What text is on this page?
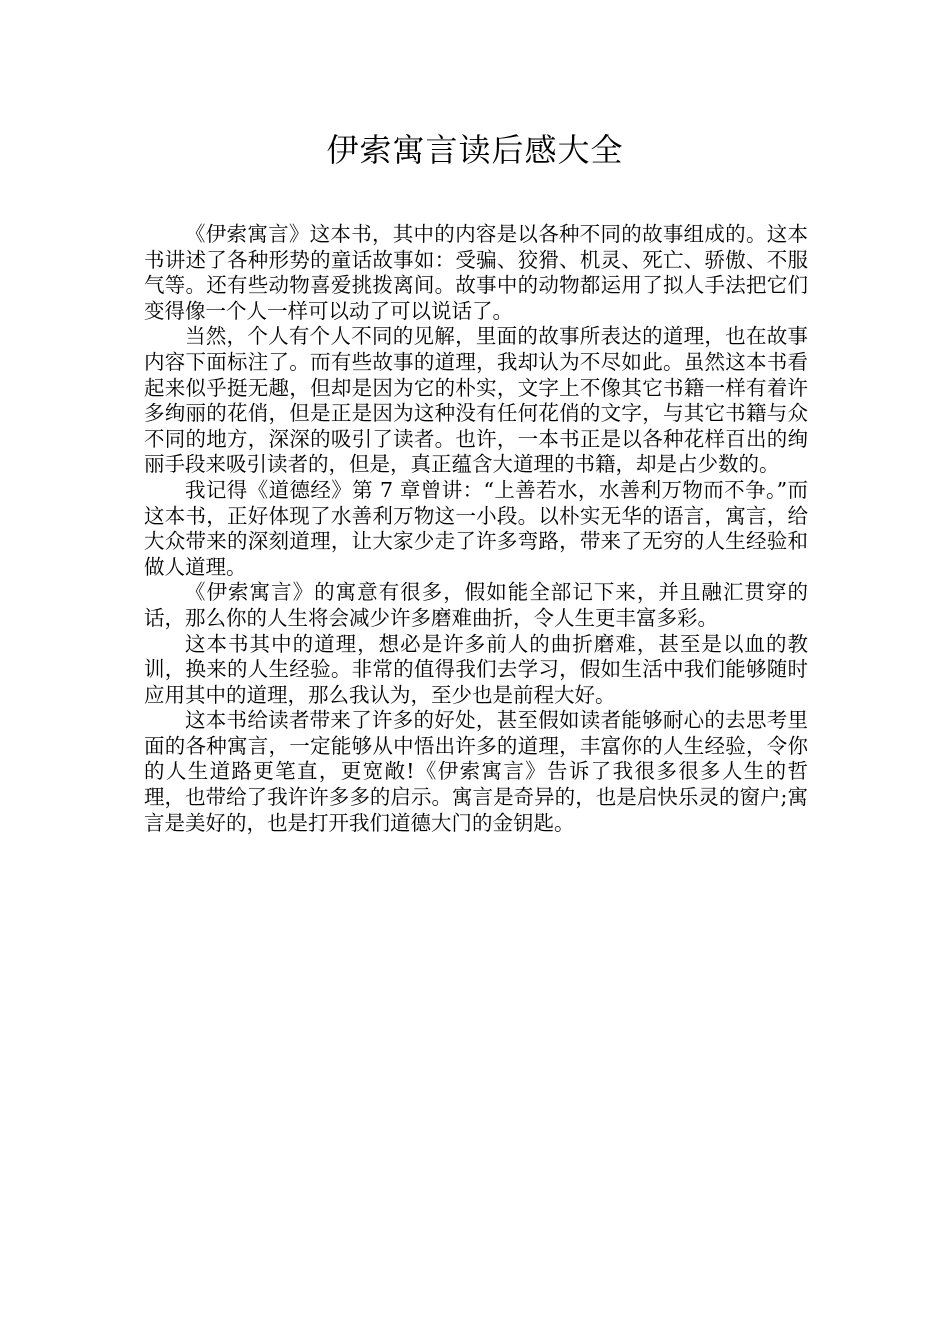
伊索寓言读后感大全

《伊索寓言》这本书，其中的内容是以各种不同的故事组成的。这本书讲述了各种形势的童话故事如：受骗、狡猾、机灵、死亡、骄傲、不服气等。还有些动物喜爱挑拨离间。故事中的动物都运用了拟人手法把它们变得像一个人一样可以动了可以说话了。

当然，个人有个人不同的见解，里面的故事所表达的道理，也在故事内容下面标注了。而有些故事的道理，我却认为不尽如此。虽然这本书看起来似乎挺无趣，但却是因为它的朴实，文字上不像其它书籍一样有着许多绚丽的花俏，但是正是因为这种没有任何花俏的文字，与其它书籍与众不同的地方，深深的吸引了读者。也许，一本书正是以各种花样百出的绚丽手段来吸引读者的，但是，真正蕴含大道理的书籍，却是占少数的。

我记得《道德经》第 7 章曾讲：“上善若水，水善利万物而不争。”而这本书，正好体现了水善利万物这一小段。以朴实无华的语言，寓言，给大众带来的深刻道理，让大家少走了许多弯路，带来了无穷的人生经验和做人道理。

《伊索寓言》的寓意有很多，假如能全部记下来，并且融汇贯穿的话，那么你的人生将会减少许多磨难曲折，令人生更丰富多彩。

这本书其中的道理，想必是许多前人的曲折磨难，甚至是以血的教训，换来的人生经验。非常的值得我们去学习，假如生活中我们能够随时应用其中的道理，那么我认为，至少也是前程大好。

这本书给读者带来了许多的好处，甚至假如读者能够耐心的去思考里面的各种寓言，一定能够从中悟出许多的道理，丰富你的人生经验，令你的人生道路更笔直，更宽敞!《伊索寓言》告诉了我很多很多人生的哲理，也带给了我许许多多的启示。寓言是奇异的，也是启快乐灵的窗户;寓言是美好的，也是打开我们道德大门的金钥匙。
